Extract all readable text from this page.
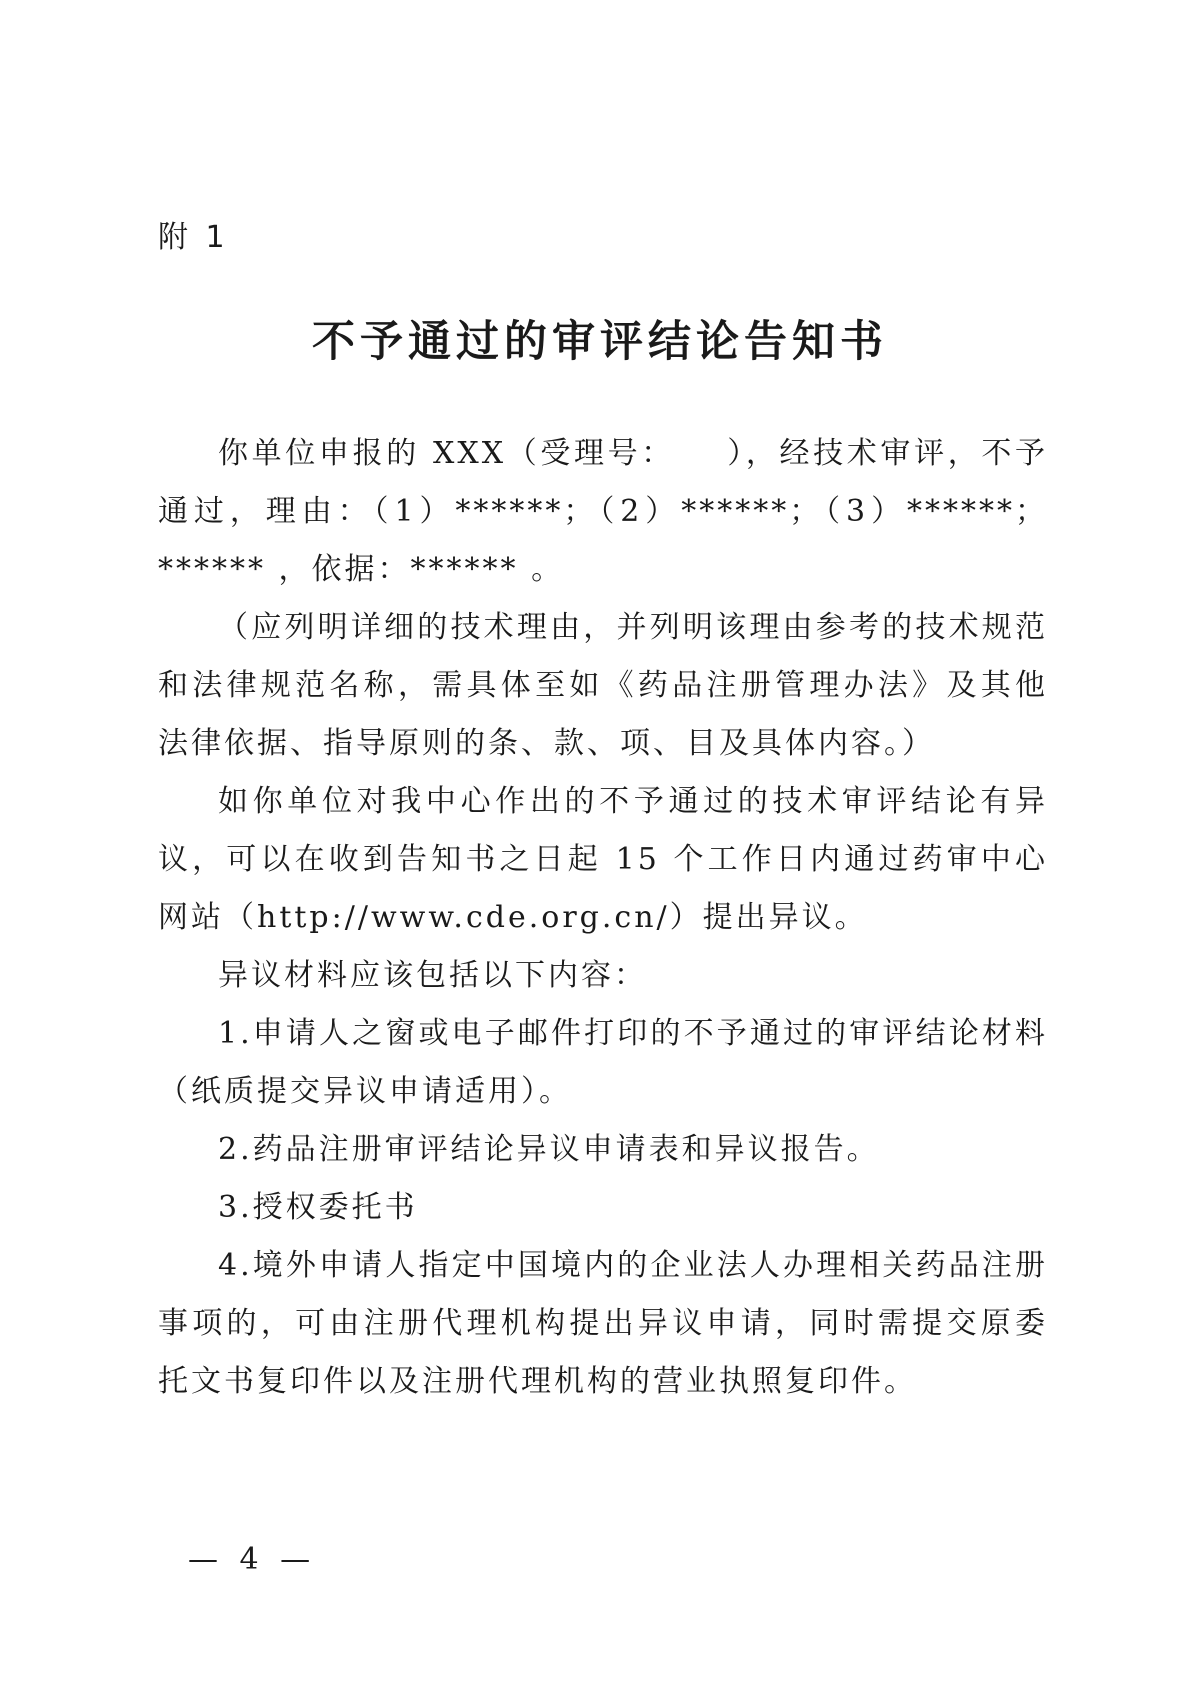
附 1
不予通过的审评结论告知书

你单位申报的 XXX（受理号：　　），经技术审评，不予通过，理由：（1）******；（2）******；（3）******；****** ，依据：****** 。

（应列明详细的技术理由，并列明该理由参考的技术规范和法律规范名称，需具体至如《药品注册管理办法》及其他法律依据、指导原则的条、款、项、目及具体内容。）

如你单位对我中心作出的不予通过的技术审评结论有异议，可以在收到告知书之日起 15 个工作日内通过药审中心网站（http://www.cde.org.cn/）提出异议。

异议材料应该包括以下内容：

1.申请人之窗或电子邮件打印的不予通过的审评结论材料（纸质提交异议申请适用）。

2.药品注册审评结论异议申请表和异议报告。

3.授权委托书

4.境外申请人指定中国境内的企业法人办理相关药品注册事项的，可由注册代理机构提出异议申请，同时需提交原委托文书复印件以及注册代理机构的营业执照复印件。

— 4 —
